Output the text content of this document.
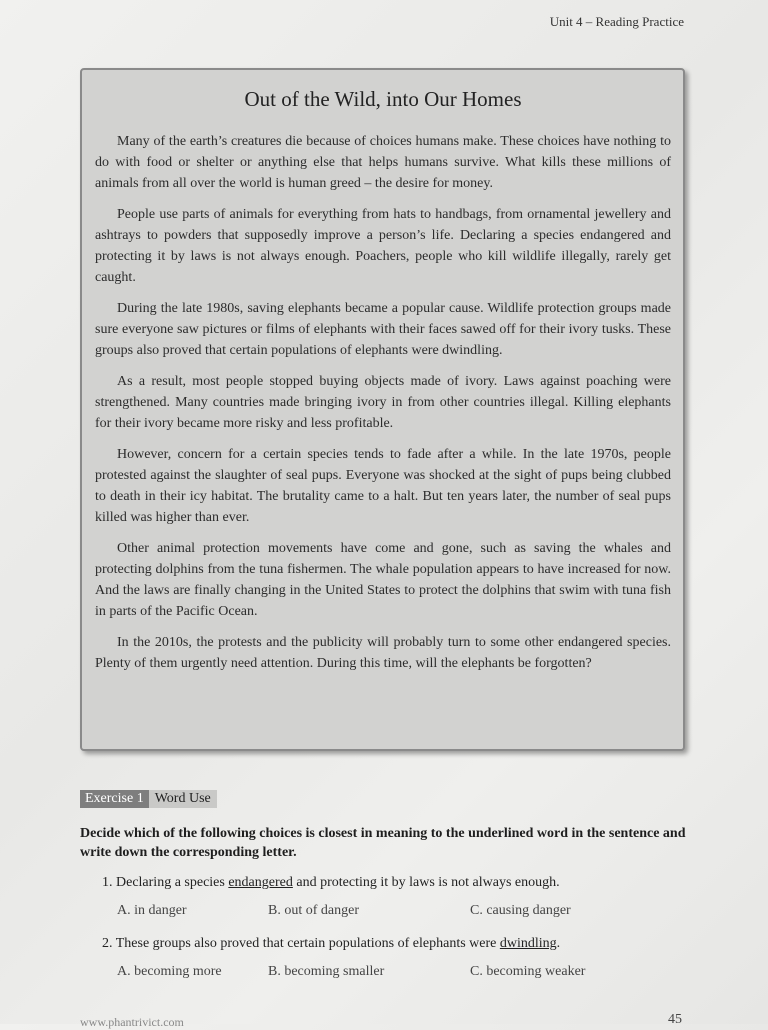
Unit 4 – Reading Practice
Out of the Wild, into Our Homes

Many of the earth’s creatures die because of choices humans make. These choices have nothing to do with food or shelter or anything else that helps humans survive. What kills these millions of animals from all over the world is human greed – the desire for money.

People use parts of animals for everything from hats to handbags, from ornamental jewellery and ashtrays to powders that supposedly improve a person’s life. Declaring a species endangered and protecting it by laws is not always enough. Poachers, people who kill wildlife illegally, rarely get caught.

During the late 1980s, saving elephants became a popular cause. Wildlife protection groups made sure everyone saw pictures or films of elephants with their faces sawed off for their ivory tusks. These groups also proved that certain populations of elephants were dwindling.

As a result, most people stopped buying objects made of ivory. Laws against poaching were strengthened. Many countries made bringing ivory in from other countries illegal. Killing elephants for their ivory became more risky and less profitable.

However, concern for a certain species tends to fade after a while. In the late 1970s, people protested against the slaughter of seal pups. Everyone was shocked at the sight of pups being clubbed to death in their icy habitat. The brutality came to a halt. But ten years later, the number of seal pups killed was higher than ever.

Other animal protection movements have come and gone, such as saving the whales and protecting dolphins from the tuna fishermen. The whale population appears to have increased for now. And the laws are finally changing in the United States to protect the dolphins that swim with tuna fish in parts of the Pacific Ocean.

In the 2010s, the protests and the publicity will probably turn to some other endangered species. Plenty of them urgently need attention. During this time, will the elephants be forgotten?

Exercise 1 Word Use
Decide which of the following choices is closest in meaning to the underlined word in the sentence and write down the corresponding letter.
1. Declaring a species endangered and protecting it by laws is not always enough.
A. in danger	B. out of danger	C. causing danger
2. These groups also proved that certain populations of elephants were dwindling.
A. becoming more	B. becoming smaller	C. becoming weaker
www.phantrivict.com	45
